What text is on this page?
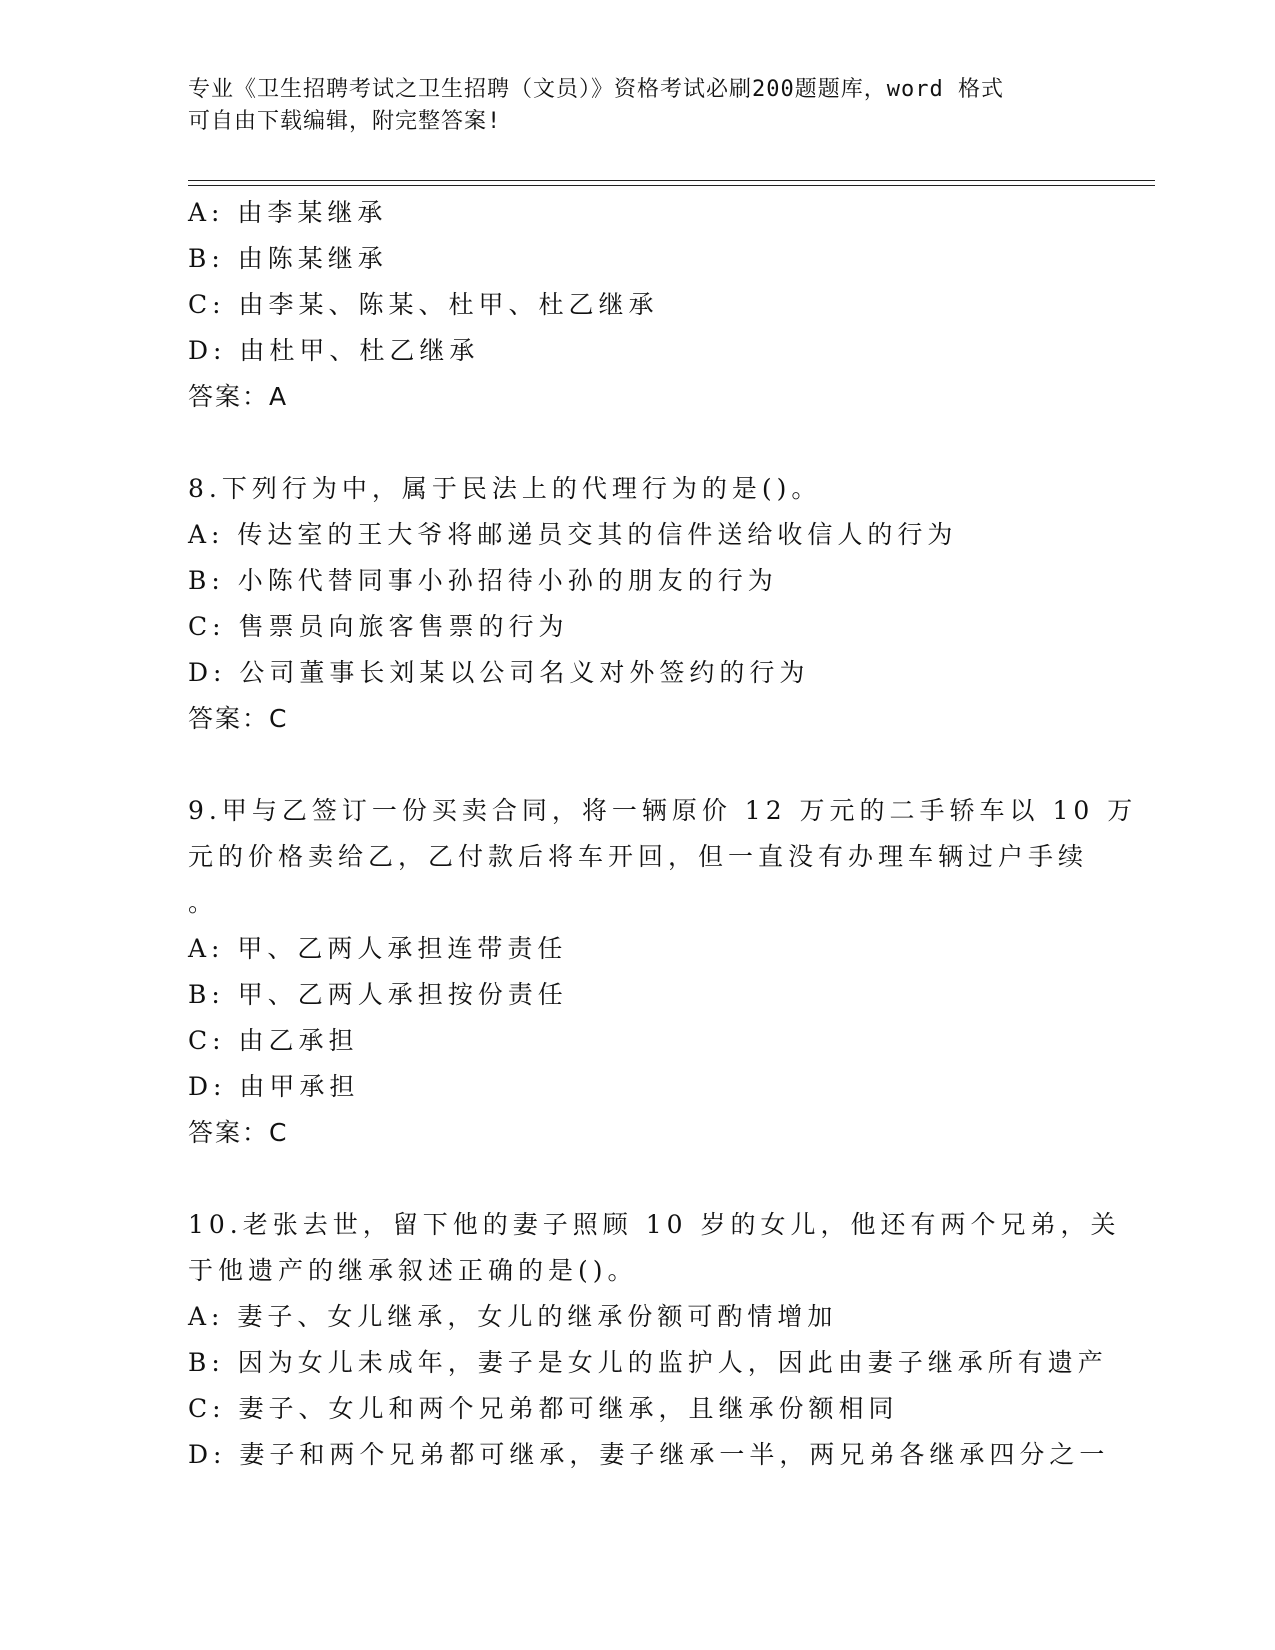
专业《卫生招聘考试之卫生招聘（文员）》资格考试必刷200题题库，word 格式
可自由下载编辑，附完整答案!
A: 由李某继承
B: 由陈某继承
C: 由李某、陈某、杜甲、杜乙继承
D: 由杜甲、杜乙继承
答案：A
8.下列行为中，属于民法上的代理行为的是()。
A: 传达室的王大爷将邮递员交其的信件送给收信人的行为
B: 小陈代替同事小孙招待小孙的朋友的行为
C: 售票员向旅客售票的行为
D: 公司董事长刘某以公司名义对外签约的行为
答案：C
9.甲与乙签订一份买卖合同，将一辆原价 12 万元的二手轿车以 10 万
元的价格卖给乙，乙付款后将车开回，但一直没有办理车辆过户手续
。
A: 甲、乙两人承担连带责任
B: 甲、乙两人承担按份责任
C: 由乙承担
D: 由甲承担
答案：C
10.老张去世，留下他的妻子照顾 10 岁的女儿，他还有两个兄弟，关
于他遗产的继承叙述正确的是()。
A: 妻子、女儿继承，女儿的继承份额可酌情增加
B: 因为女儿未成年，妻子是女儿的监护人，因此由妻子继承所有遗产
C: 妻子、女儿和两个兄弟都可继承，且继承份额相同
D: 妻子和两个兄弟都可继承，妻子继承一半，两兄弟各继承四分之一
